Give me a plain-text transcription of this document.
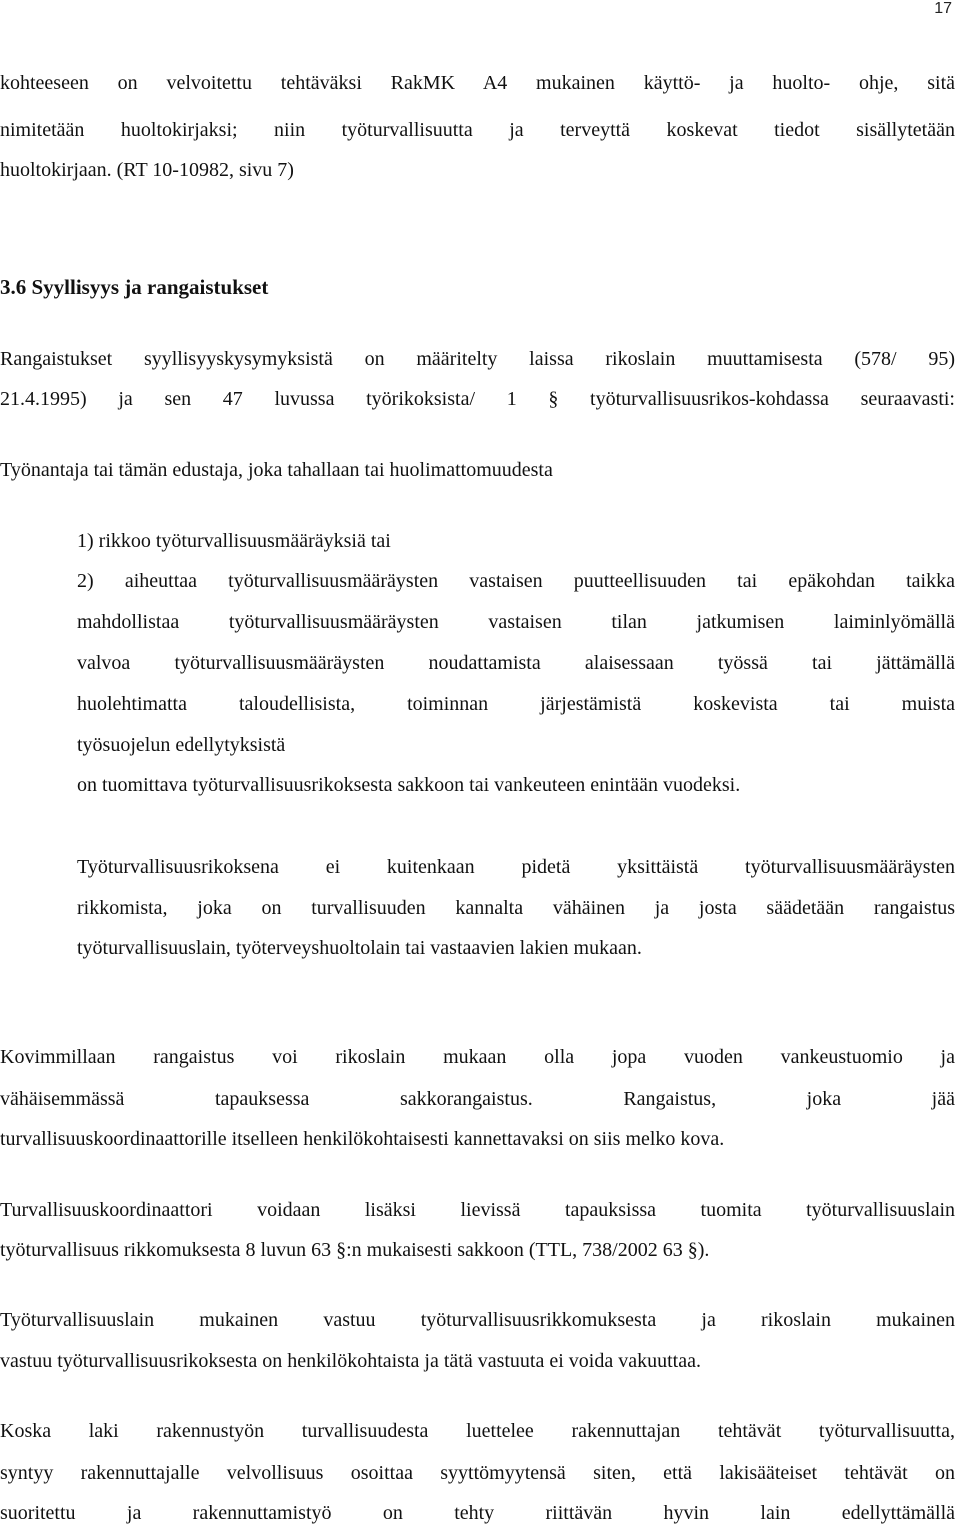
17
kohteeseen on velvoitettu tehtäväksi RakMK A4 mukainen käyttö- ja huolto- ohje, sitä
nimitetään huoltokirjaksi; niin työturvallisuutta ja terveyttä koskevat tiedot sisällytetään
huoltokirjaan. (RT 10-10982, sivu 7)
3.6 Syyllisyys ja rangaistukset
Rangaistukset syyllisyyskysymyksistä on määritelty laissa rikoslain muuttamisesta (578/ 95)
21.4.1995) ja sen 47 luvussa työrikoksista/ 1 § työturvallisuusrikos-kohdassa seuraavasti:
Työnantaja tai tämän edustaja, joka tahallaan tai huolimattomuudesta
1) rikkoo työturvallisuusmääräyksiä tai
2) aiheuttaa työturvallisuusmääräysten vastaisen puutteellisuuden tai epäkohdan taikka
mahdollistaa työturvallisuusmääräysten vastaisen tilan jatkumisen laiminlyömällä
valvoa työturvallisuusmääräysten noudattamista alaisessaan työssä tai jättämällä
huolehtimatta taloudellisista, toiminnan järjestämistä koskevista tai muista
työsuojelun edellytyksistä
on tuomittava työturvallisuusrikoksesta sakkoon tai vankeuteen enintään vuodeksi.
Työturvallisuusrikoksena ei kuitenkaan pidetä yksittäistä työturvallisuusmääräysten
rikkomista, joka on turvallisuuden kannalta vähäinen ja josta säädetään rangaistus
työturvallisuuslain, työterveyshuoltolain tai vastaavien lakien mukaan.
Kovimmillaan rangaistus voi rikoslain mukaan olla jopa vuoden vankeustuomio ja
vähäisemmässä tapauksessa sakkorangaistus. Rangaistus, joka jää
turvallisuuskoordinaattorille itselleen henkilökohtaisesti kannettavaksi on siis melko kova.
Turvallisuuskoordinaattori voidaan lisäksi lievissä tapauksissa tuomita työturvallisuuslain
työturvallisuus rikkomuksesta 8 luvun 63 §:n mukaisesti sakkoon (TTL, 738/2002 63 §).
Työturvallisuuslain mukainen vastuu työturvallisuusrikkomuksesta ja rikoslain mukainen
vastuu työturvallisuusrikoksesta on henkilökohtaista ja tätä vastuuta ei voida vakuuttaa.
Koska laki rakennustyön turvallisuudesta luettelee rakennuttajan tehtävät työturvallisuutta,
syntyy rakennuttajalle velvollisuus osoittaa syyttömyytensä siten, että lakisääteiset tehtävät on
suoritettu ja rakennuttamistyö on tehty riittävän hyvin lain edellyttämällä
